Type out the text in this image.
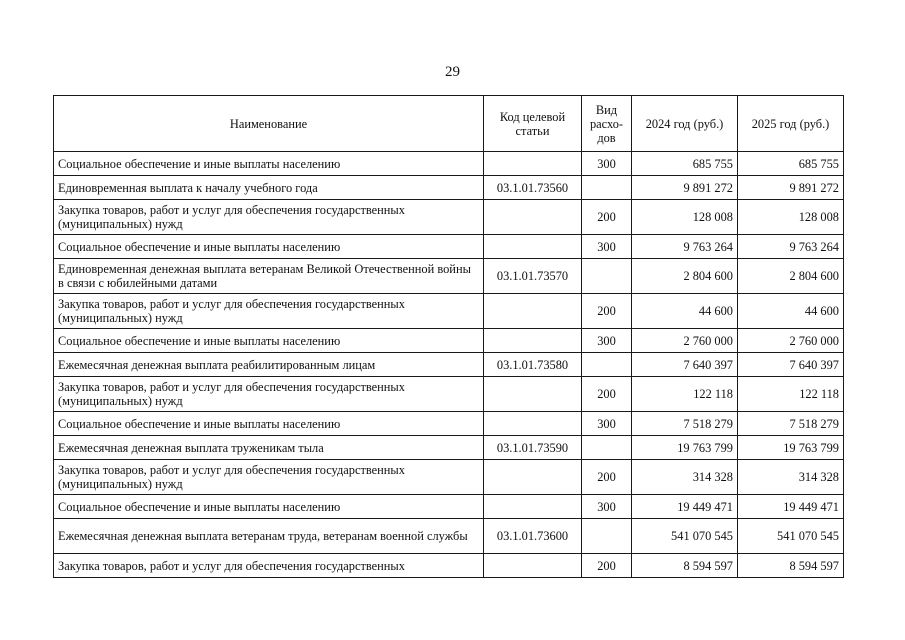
29
Наименование	Код целевой статьи	Вид расхо-дов	2024 год (руб.)	2025 год (руб.)
Социальное обеспечение и иные выплаты населению		300	685 755	685 755
Единовременная выплата к началу учебного года	03.1.01.73560		9 891 272	9 891 272
Закупка товаров, работ и услуг для обеспечения государственных (муниципальных) нужд		200	128 008	128 008
Социальное обеспечение и иные выплаты населению		300	9 763 264	9 763 264
Единовременная денежная выплата ветеранам Великой Отечественной войны в связи с юбилейными датами	03.1.01.73570		2 804 600	2 804 600
Закупка товаров, работ и услуг для обеспечения государственных (муниципальных) нужд		200	44 600	44 600
Социальное обеспечение и иные выплаты населению		300	2 760 000	2 760 000
Ежемесячная денежная выплата реабилитированным лицам	03.1.01.73580		7 640 397	7 640 397
Закупка товаров, работ и услуг для обеспечения государственных (муниципальных) нужд		200	122 118	122 118
Социальное обеспечение и иные выплаты населению		300	7 518 279	7 518 279
Ежемесячная денежная выплата труженикам тыла	03.1.01.73590		19 763 799	19 763 799
Закупка товаров, работ и услуг для обеспечения государственных (муниципальных) нужд		200	314 328	314 328
Социальное обеспечение и иные выплаты населению		300	19 449 471	19 449 471
Ежемесячная денежная выплата ветеранам труда, ветеранам военной службы	03.1.01.73600		541 070 545	541 070 545
Закупка товаров, работ и услуг для обеспечения государственных		200	8 594 597	8 594 597
